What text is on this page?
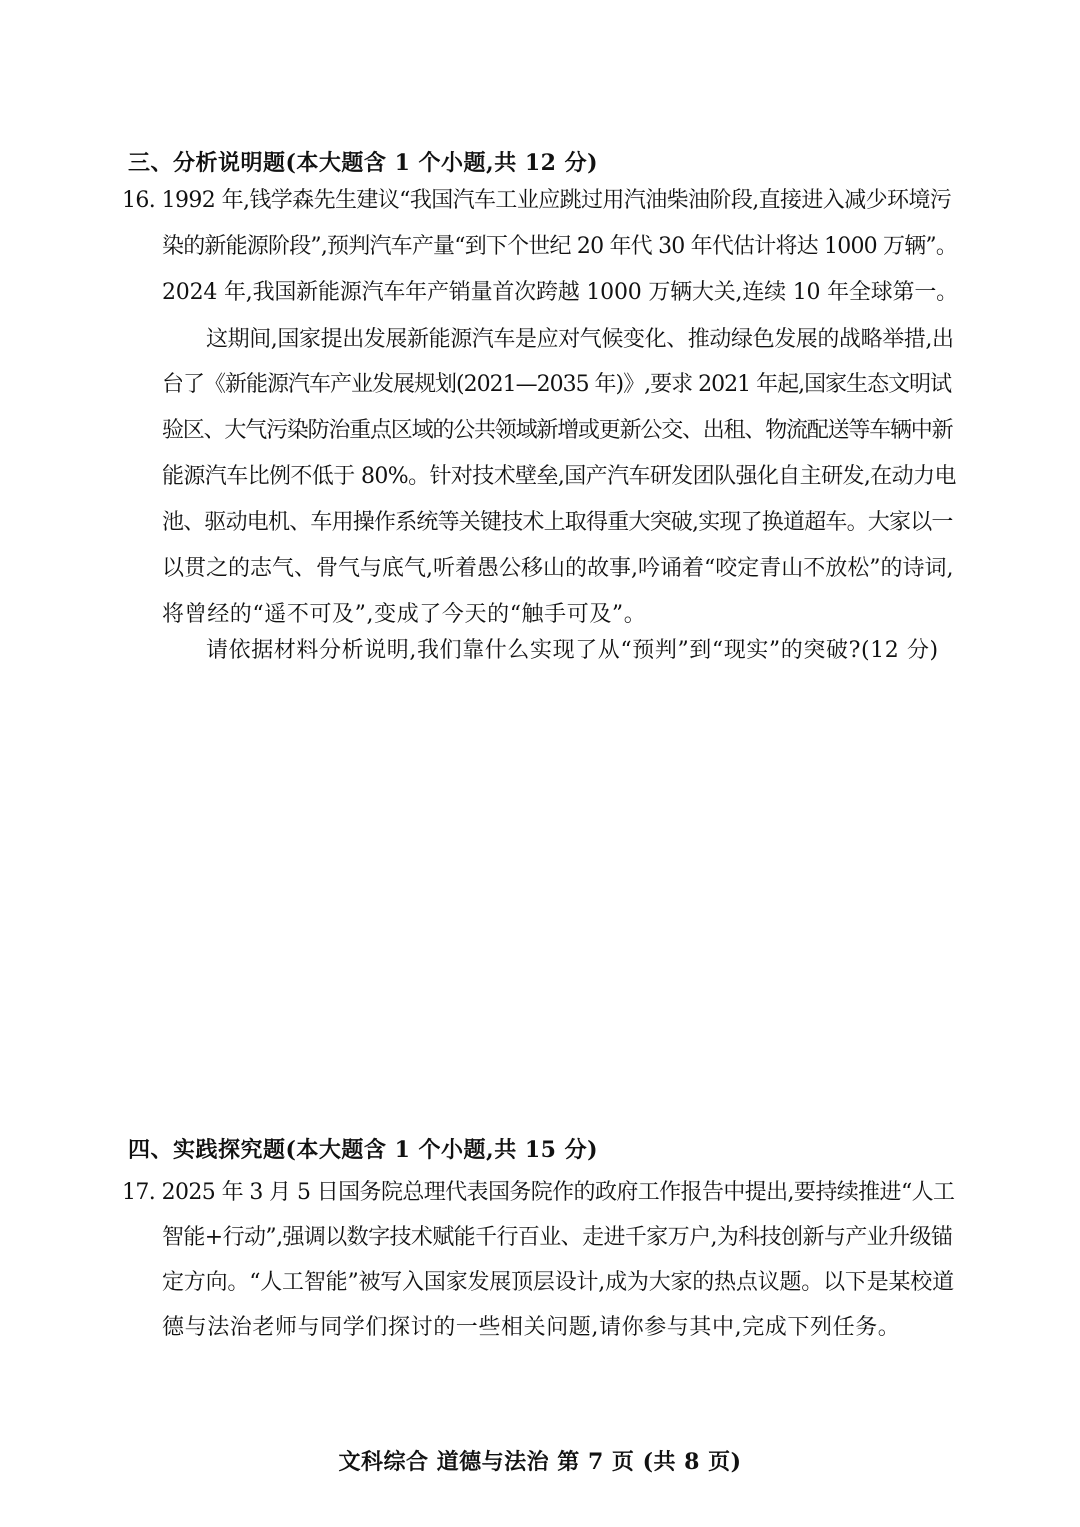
三、分析说明题(本大题含 1 个小题,共 12 分)
16. 1992 年,钱学森先生建议“我国汽车工业应跳过用汽油柴油阶段,直接进入减少环境污
染的新能源阶段”,预判汽车产量“到下个世纪 20 年代 30 年代估计将达 1000 万辆”。
2024 年,我国新能源汽车年产销量首次跨越 1000 万辆大关,连续 10 年全球第一。
这期间,国家提出发展新能源汽车是应对气候变化、推动绿色发展的战略举措,出
台了《新能源汽车产业发展规划(2021—2035 年)》,要求 2021 年起,国家生态文明试
验区、大气污染防治重点区域的公共领域新增或更新公交、出租、物流配送等车辆中新
能源汽车比例不低于 80%。针对技术壁垒,国产汽车研发团队强化自主研发,在动力电
池、驱动电机、车用操作系统等关键技术上取得重大突破,实现了换道超车。大家以一
以贯之的志气、骨气与底气,听着愚公移山的故事,吟诵着“咬定青山不放松”的诗词,
将曾经的“遥不可及”,变成了今天的“触手可及”。
请依据材料分析说明,我们靠什么实现了从“预判”到“现实”的突破?(12 分)
四、实践探究题(本大题含 1 个小题,共 15 分)
17. 2025 年 3 月 5 日国务院总理代表国务院作的政府工作报告中提出,要持续推进“人工
智能+行动”,强调以数字技术赋能千行百业、走进千家万户,为科技创新与产业升级锚
定方向。“人工智能”被写入国家发展顶层设计,成为大家的热点议题。以下是某校道
德与法治老师与同学们探讨的一些相关问题,请你参与其中,完成下列任务。
文科综合 道德与法治 第 7 页 (共 8 页)
